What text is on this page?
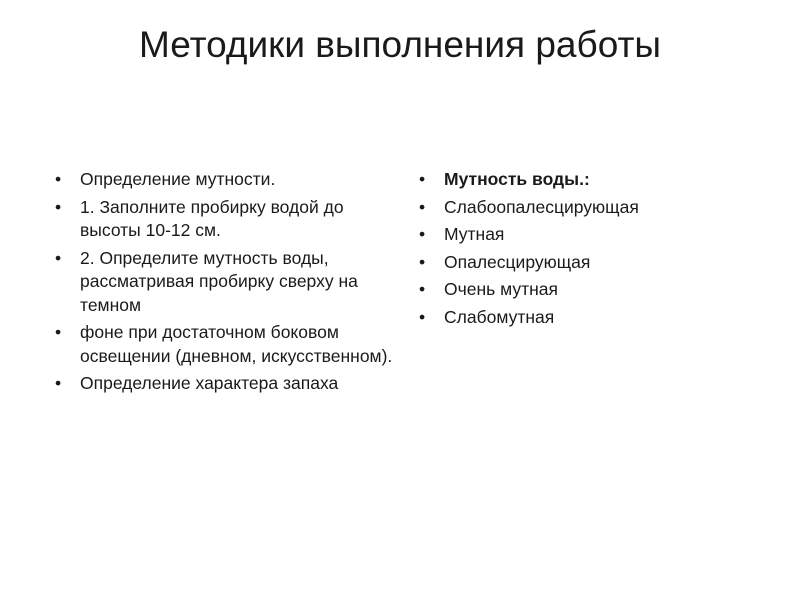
Методики выполнения работы
• Определение мутности.
• 1. Заполните пробирку водой до высоты 10-12 см.
• 2. Определите мутность воды, рассматривая пробирку сверху на темном
• фоне при достаточном боковом освещении (дневном, искусственном).
• Определение характера запаха
• Мутность воды.:
• Слабоопалесцирующая
• Мутная
• Опалесцирующая
• Очень мутная
• Слабомутная
